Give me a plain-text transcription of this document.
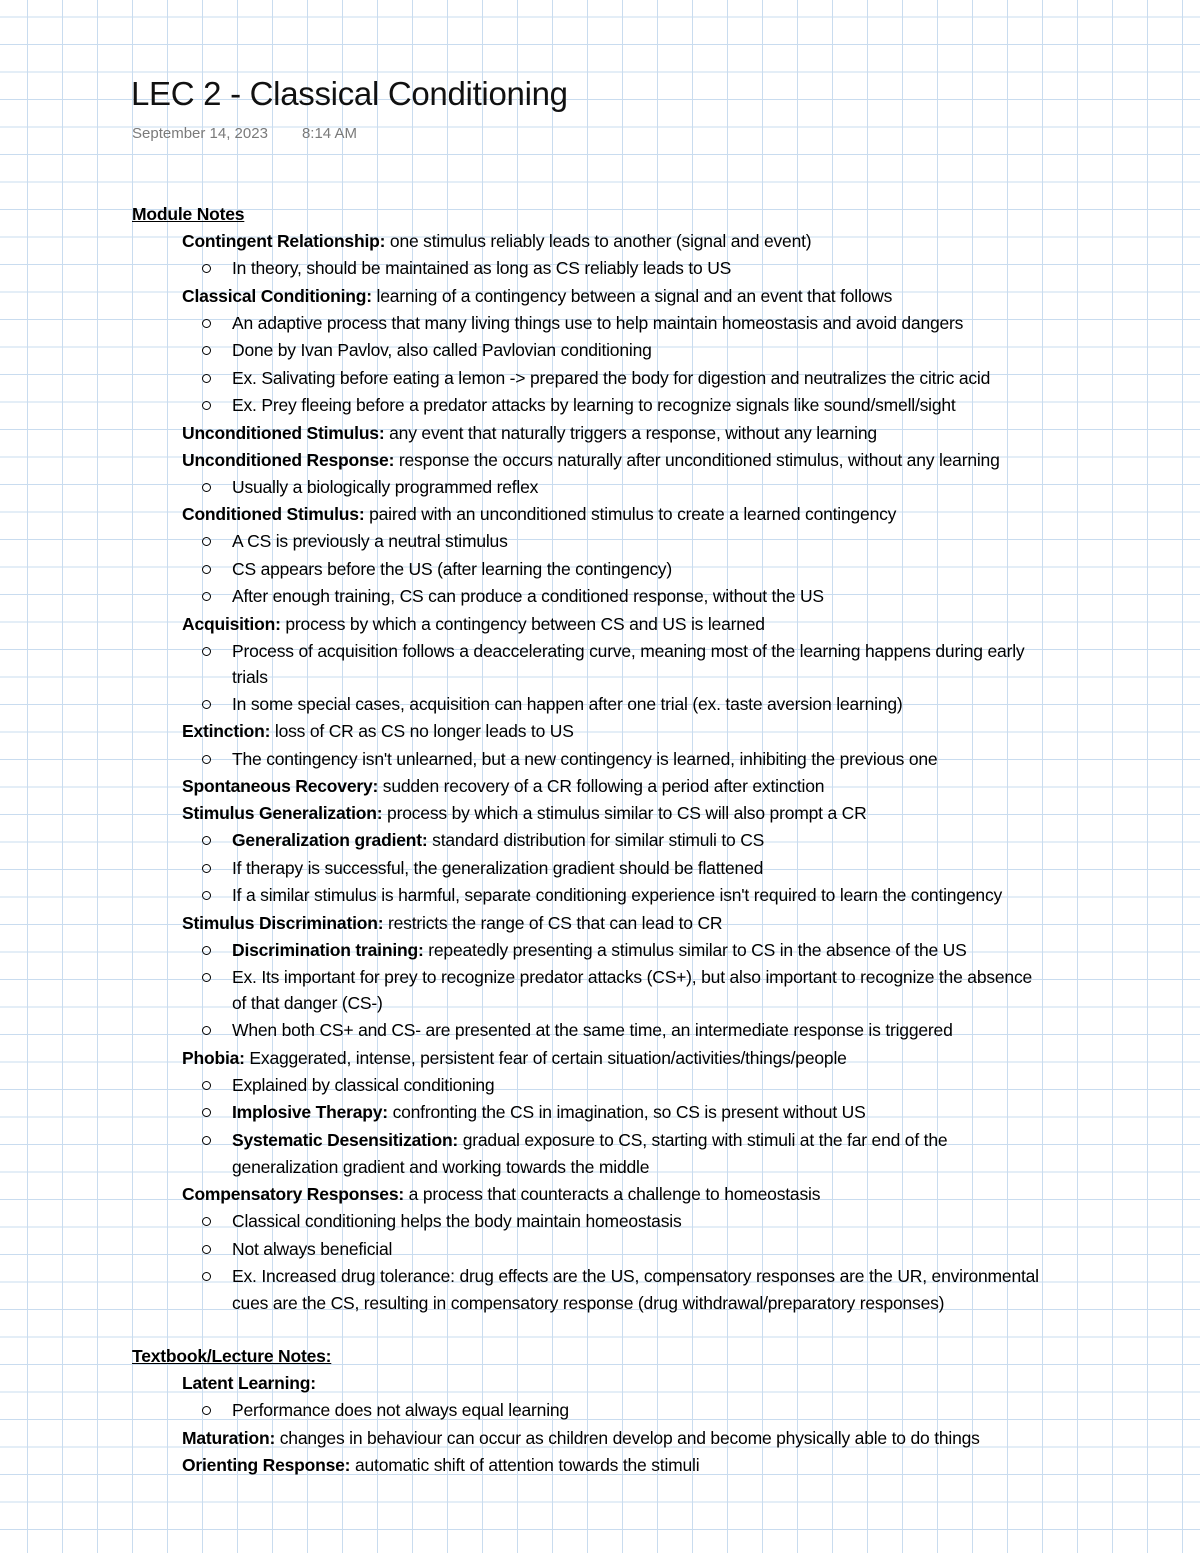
LEC 2 - Classical Conditioning
September 14, 2023 8:14 AM
Module Notes
Contingent Relationship: one stimulus reliably leads to another (signal and event)
In theory, should be maintained as long as CS reliably leads to US
Classical Conditioning: learning of a contingency between a signal and an event that follows
An adaptive process that many living things use to help maintain homeostasis and avoid dangers
Done by Ivan Pavlov, also called Pavlovian conditioning
Ex. Salivating before eating a lemon -> prepared the body for digestion and neutralizes the citric acid
Ex. Prey fleeing before a predator attacks by learning to recognize signals like sound/smell/sight
Unconditioned Stimulus: any event that naturally triggers a response, without any learning
Unconditioned Response: response the occurs naturally after unconditioned stimulus, without any learning
Usually a biologically programmed reflex
Conditioned Stimulus: paired with an unconditioned stimulus to create a learned contingency
A CS is previously a neutral stimulus
CS appears before the US (after learning the contingency)
After enough training, CS can produce a conditioned response, without the US
Acquisition: process by which a contingency between CS and US is learned
Process of acquisition follows a deaccelerating curve, meaning most of the learning happens during early
trials
In some special cases, acquisition can happen after one trial (ex. taste aversion learning)
Extinction: loss of CR as CS no longer leads to US
The contingency isn't unlearned, but a new contingency is learned, inhibiting the previous one
Spontaneous Recovery: sudden recovery of a CR following a period after extinction
Stimulus Generalization: process by which a stimulus similar to CS will also prompt a CR
Generalization gradient: standard distribution for similar stimuli to CS
If therapy is successful, the generalization gradient should be flattened
If a similar stimulus is harmful, separate conditioning experience isn't required to learn the contingency
Stimulus Discrimination: restricts the range of CS that can lead to CR
Discrimination training: repeatedly presenting a stimulus similar to CS in the absence of the US
Ex. Its important for prey to recognize predator attacks (CS+), but also important to recognize the absence
of that danger (CS-)
When both CS+ and CS- are presented at the same time, an intermediate response is triggered
Phobia: Exaggerated, intense, persistent fear of certain situation/activities/things/people
Explained by classical conditioning
Implosive Therapy: confronting the CS in imagination, so CS is present without US
Systematic Desensitization: gradual exposure to CS, starting with stimuli at the far end of the
generalization gradient and working towards the middle
Compensatory Responses: a process that counteracts a challenge to homeostasis
Classical conditioning helps the body maintain homeostasis
Not always beneficial
Ex. Increased drug tolerance: drug effects are the US, compensatory responses are the UR, environmental
cues are the CS, resulting in compensatory response (drug withdrawal/preparatory responses)
Textbook/Lecture Notes:
Latent Learning:
Performance does not always equal learning
Maturation: changes in behaviour can occur as children develop and become physically able to do things
Orienting Response: automatic shift of attention towards the stimuli
